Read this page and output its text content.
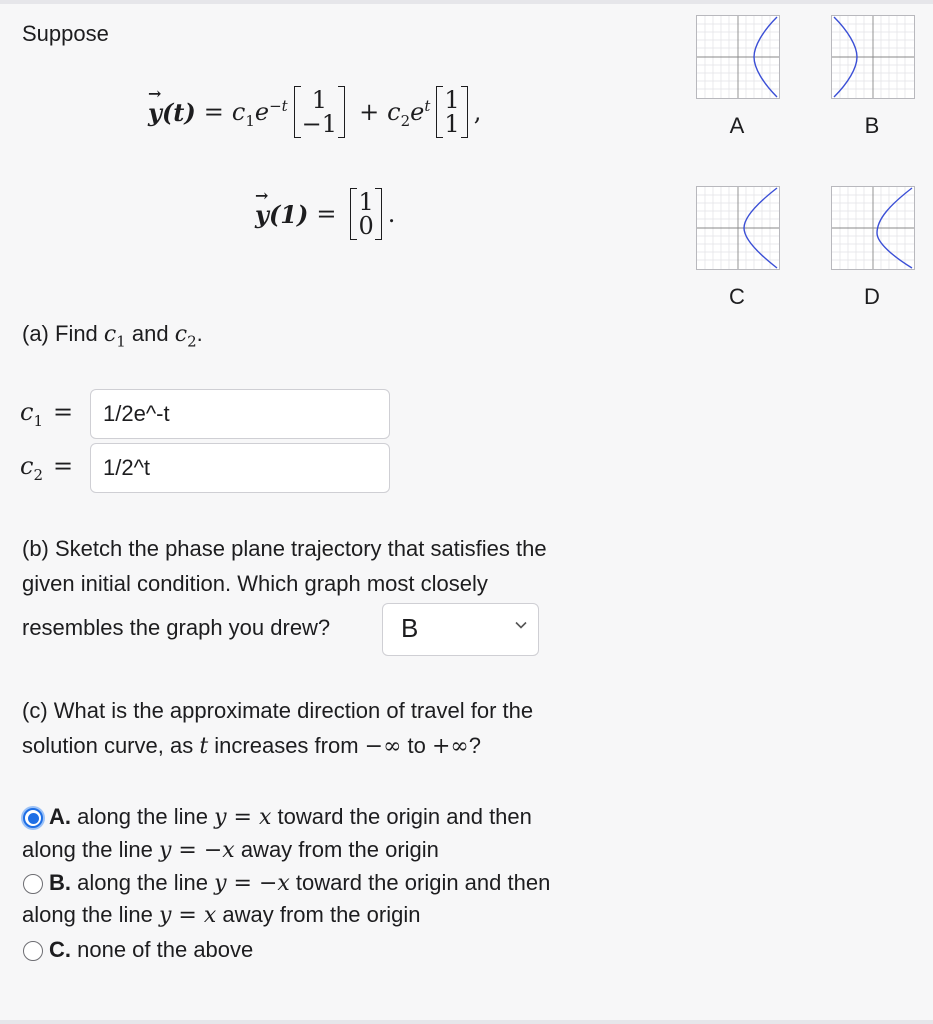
Suppose
→ $y(t) = c_1e^{-t}$ 1
$-1 + c_2e^t$ 1
1 ,
→ y(1) = 1
0 .
(a) Find $c_1$ and $c_2$.
$c_1$ =	1/2e^-t
$c_2$ =	1/2^t
(b) Sketch the phase plane trajectory that satisfies the
given initial condition. Which graph most closely
resembles the graph you drew?	B
(c) What is the approximate direction of travel for the
solution curve, as t increases from −∞ to +∞?
A. along the line y = x toward the origin and then
along the line y = −x away from the origin
B. along the line y = −x toward the origin and then
along the line y = x away from the origin
C. none of the above
A	B
C	D
